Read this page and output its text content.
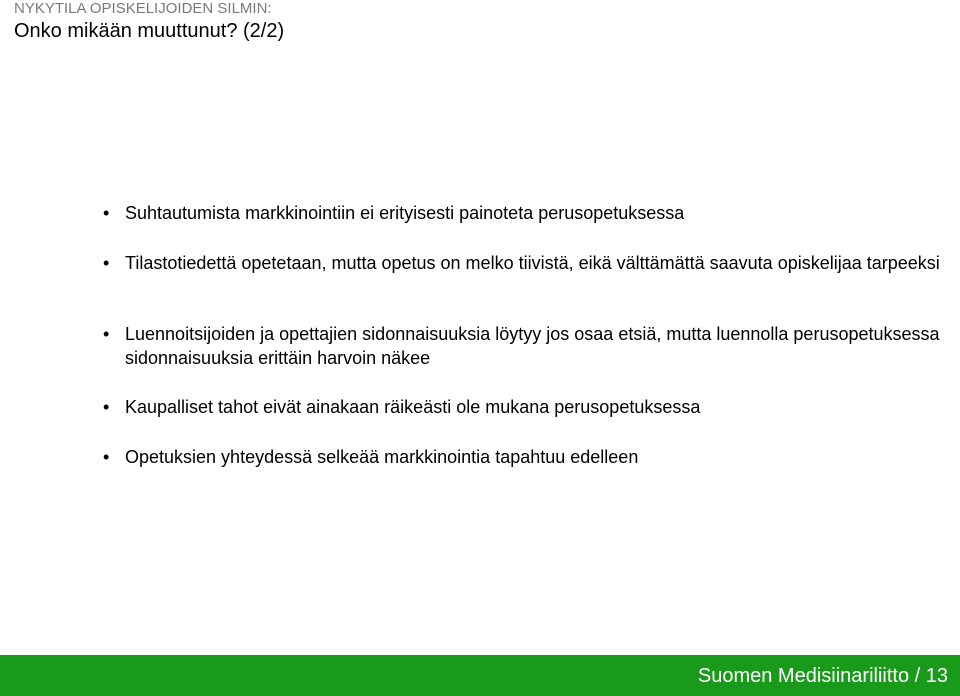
NYKYTILA OPISKELIJOIDEN SILMIN:
Onko mikään muuttunut? (2/2)
• Suhtautumista markkinointiin ei erityisesti painoteta perusopetuksessa
• Tilastotiedettä opetetaan, mutta opetus on melko tiivistä, eikä välttämättä saavuta opiskelijaa tarpeeksi
• Luennoitsijoiden ja opettajien sidonnaisuuksia löytyy jos osaa etsiä, mutta luennolla perusopetuksessa sidonnaisuuksia erittäin harvoin näkee
• Kaupalliset tahot eivät ainakaan räikeästi ole mukana perusopetuksessa
• Opetuksien yhteydessä selkeää markkinointia tapahtuu edelleen
Suomen Medisiinariliitto / 13
